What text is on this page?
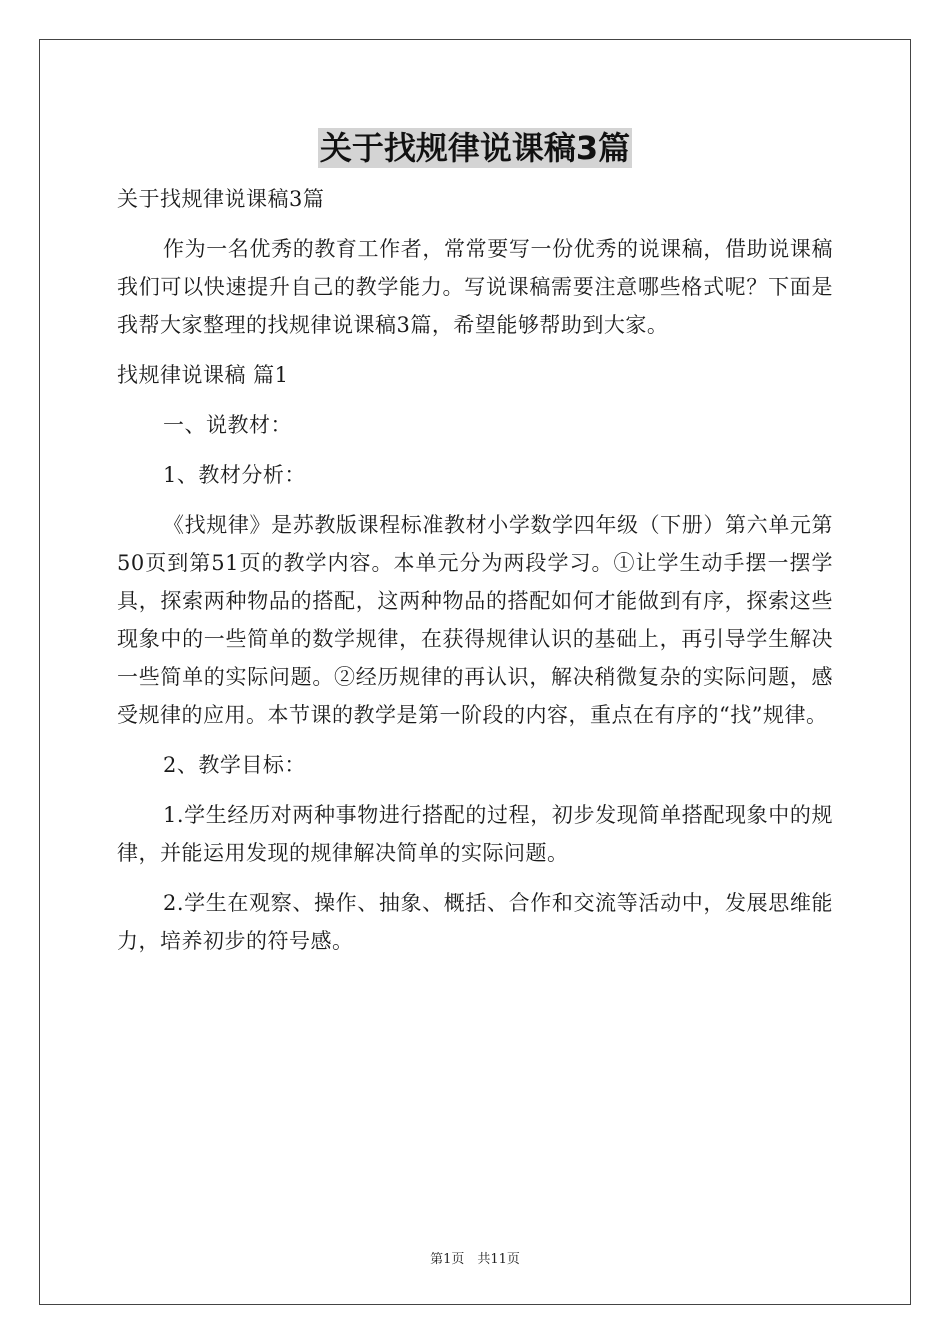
关于找规律说课稿3篇

关于找规律说课稿3篇

作为一名优秀的教育工作者，常常要写一份优秀的说课稿，借助说课稿我们可以快速提升自己的教学能力。写说课稿需要注意哪些格式呢？下面是我帮大家整理的找规律说课稿3篇，希望能够帮助到大家。

找规律说课稿 篇1

一、说教材：

1、教材分析：

《找规律》是苏教版课程标准教材小学数学四年级（下册）第六单元第50页到第51页的教学内容。本单元分为两段学习。①让学生动手摆一摆学具，探索两种物品的搭配，这两种物品的搭配如何才能做到有序，探索这些现象中的一些简单的数学规律，在获得规律认识的基础上，再引导学生解决一些简单的实际问题。②经历规律的再认识，解决稍微复杂的实际问题，感受规律的应用。本节课的教学是第一阶段的内容，重点在有序的“找”规律。

2、教学目标：

1.学生经历对两种事物进行搭配的过程，初步发现简单搭配现象中的规律，并能运用发现的规律解决简单的实际问题。

2.学生在观察、操作、抽象、概括、合作和交流等活动中，发展思维能力，培养初步的符号感。

第1页　共11页
